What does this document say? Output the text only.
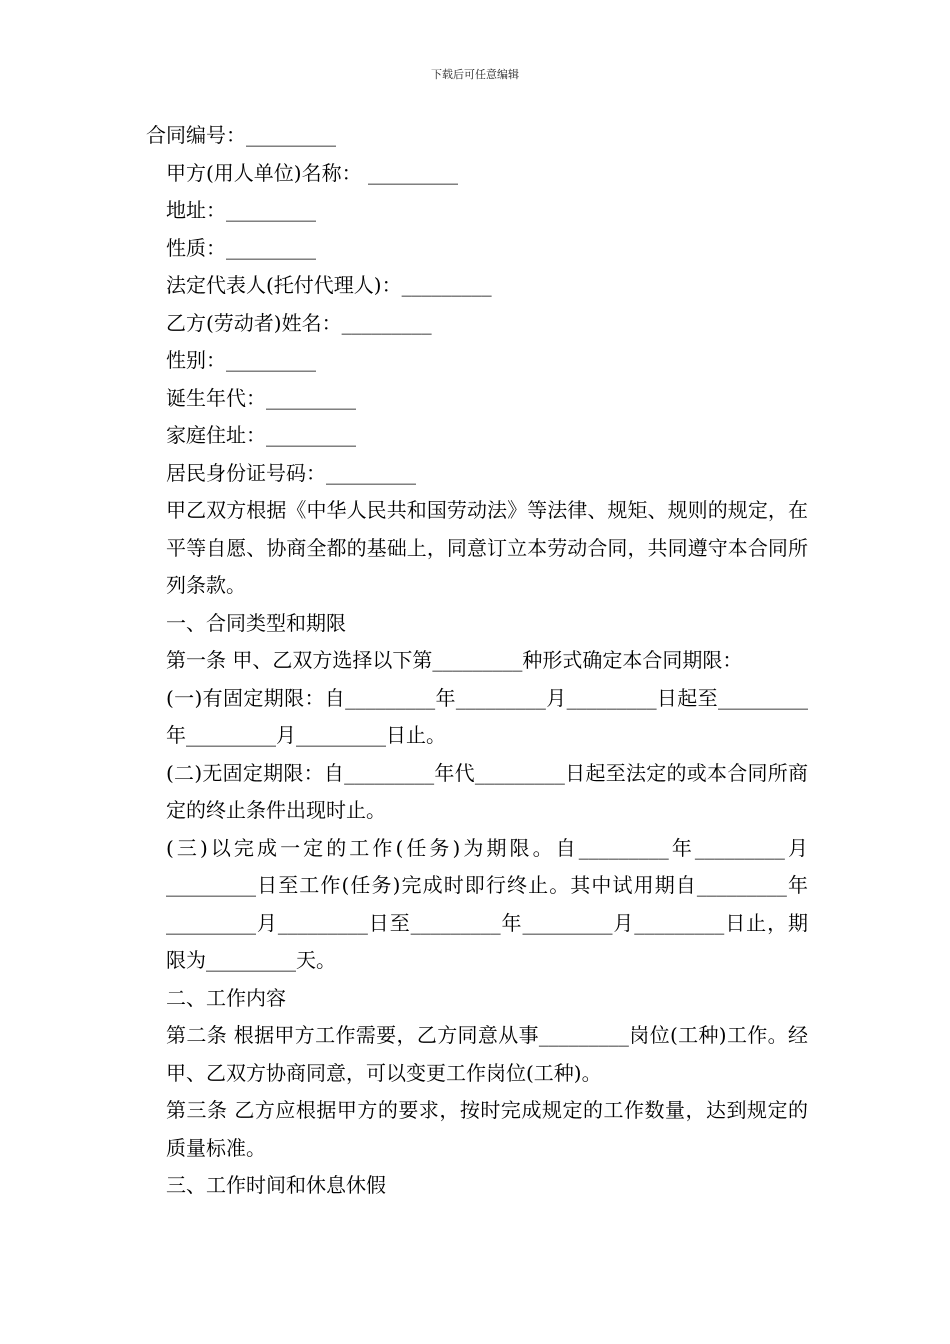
下载后可任意编辑

合同编号：_________

甲方(用人单位)名称： _________

地址：_________

性质：_________

法定代表人(托付代理人)：_________

乙方(劳动者)姓名：_________

性别：_________

诞生年代：_________

家庭住址：_________

居民身份证号码：_________

甲乙双方根据《中华人民共和国劳动法》等法律、规矩、规则的规定，在平等自愿、协商全都的基础上，同意订立本劳动合同，共同遵守本合同所列条款。

一、合同类型和期限

第一条 甲、乙双方选择以下第_________种形式确定本合同期限：

(一)有固定期限：自_________年_________月_________日起至_________年_________月_________日止。

(二)无固定期限：自_________年代_________日起至法定的或本合同所商定的终止条件出现时止。

(三)以完成一定的工作(任务)为期限。自_________年_________月_________日至工作(任务)完成时即行终止。其中试用期自_________年_________月_________日至_________年_________月_________日止，期限为_________天。

二、工作内容

第二条 根据甲方工作需要，乙方同意从事_________岗位(工种)工作。经甲、乙双方协商同意，可以变更工作岗位(工种)。

第三条 乙方应根据甲方的要求，按时完成规定的工作数量，达到规定的质量标准。

三、工作时间和休息休假
